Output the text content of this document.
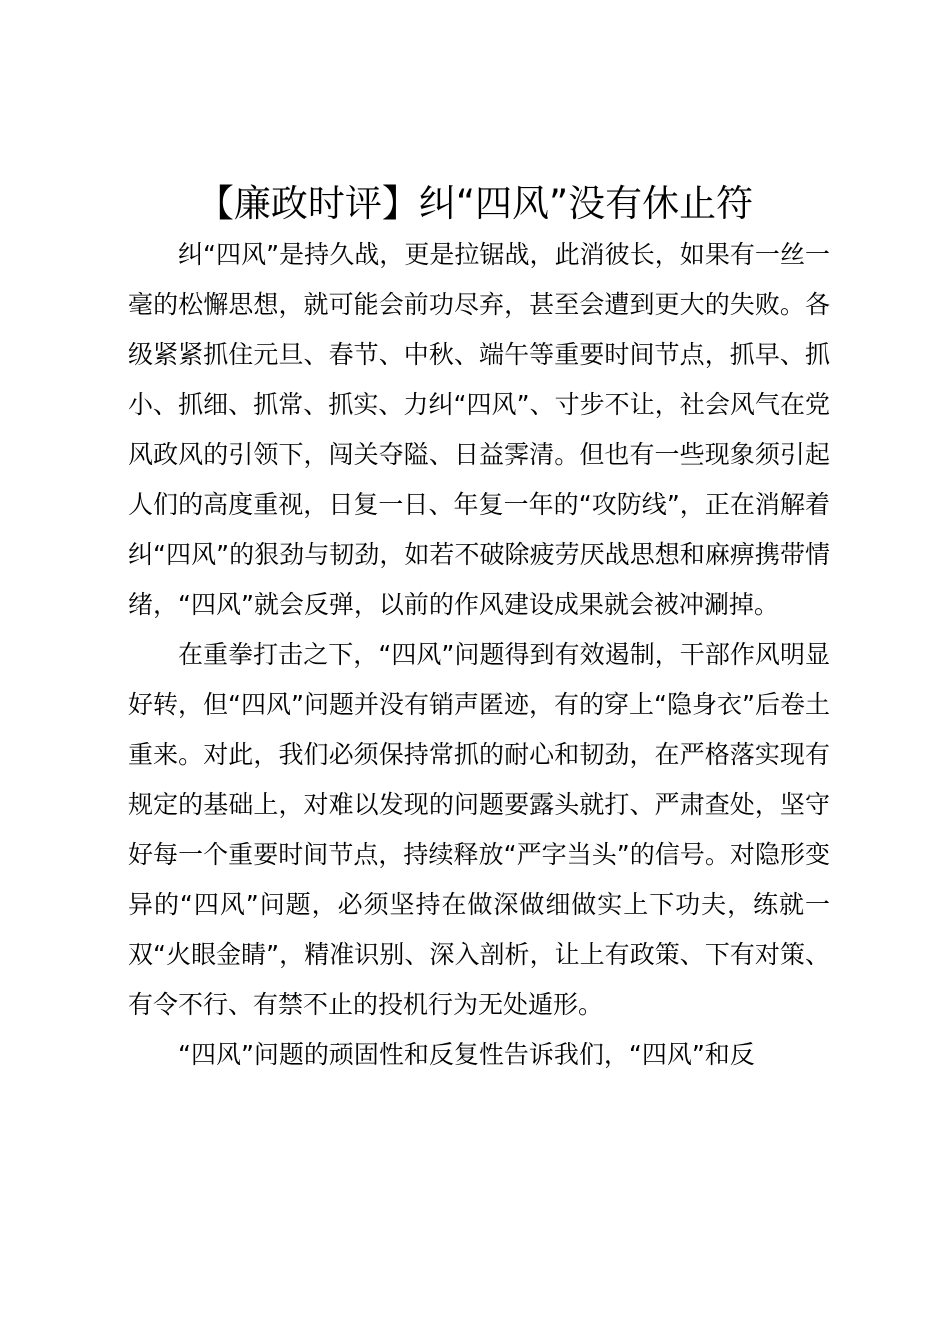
【廉政时评】纠“四风”没有休止符

纠“四风”是持久战，更是拉锯战，此消彼长，如果有一丝一毫的松懈思想，就可能会前功尽弃，甚至会遭到更大的失败。各级紧紧抓住元旦、春节、中秋、端午等重要时间节点，抓早、抓小、抓细、抓常、抓实、力纠“四风”、寸步不让，社会风气在党风政风的引领下，闯关夺隘、日益霁清。但也有一些现象须引起人们的高度重视，日复一日、年复一年的“攻防线”，正在消解着纠“四风”的狠劲与韧劲，如若不破除疲劳厌战思想和麻痹携带情绪，“四风”就会反弹，以前的作风建设成果就会被冲涮掉。

在重拳打击之下，“四风”问题得到有效遏制，干部作风明显好转，但“四风”问题并没有销声匿迹，有的穿上“隐身衣”后卷土重来。对此，我们必须保持常抓的耐心和韧劲，在严格落实现有规定的基础上，对难以发现的问题要露头就打、严肃查处，坚守好每一个重要时间节点，持续释放“严字当头”的信号。对隐形变异的“四风”问题，必须坚持在做深做细做实上下功夫，练就一双“火眼金睛”，精准识别、深入剖析，让上有政策、下有对策、有令不行、有禁不止的投机行为无处遁形。

“四风”问题的顽固性和反复性告诉我们，“四风”和反
